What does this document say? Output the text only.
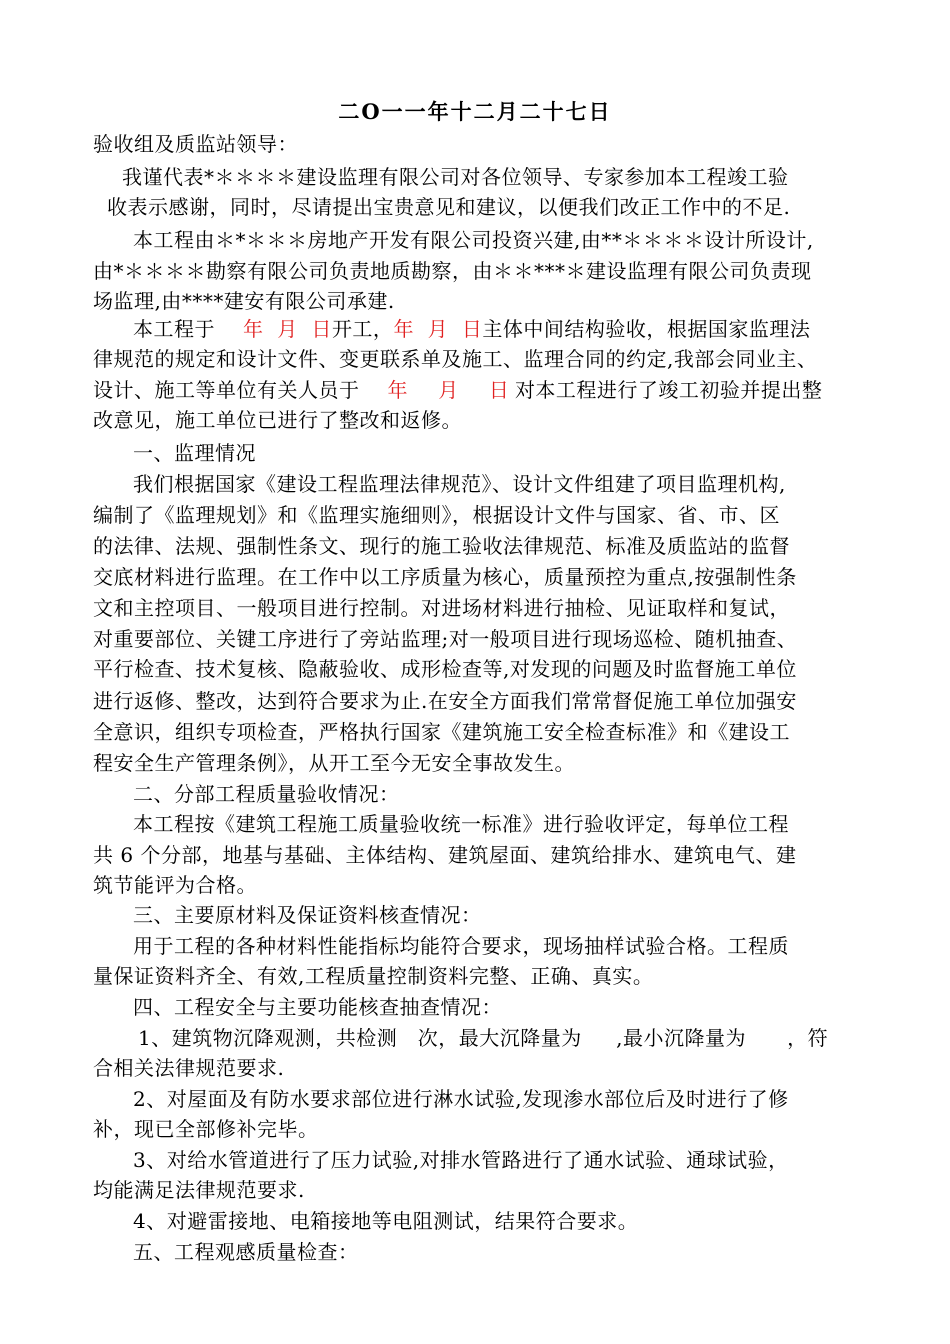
二O一一年十二月二十七日
验收组及质监站领导：
我谨代表*＊＊＊＊建设监理有限公司对各位领导、专家参加本工程竣工验
收表示感谢，同时，尽请提出宝贵意见和建议，以便我们改正工作中的不足.
本工程由＊*＊＊＊房地产开发有限公司投资兴建,由**＊＊＊＊设计所设计,
由*＊＊＊＊勘察有限公司负责地质勘察，由＊＊***＊建设监理有限公司负责现
场监理,由****建安有限公司承建.
本工程于 年  月  日开工，年  月  日主体中间结构验收，根据国家监理法
律规范的规定和设计文件、变更联系单及施工、监理合同的约定,我部会同业主、
设计、施工等单位有关人员于 年  月  日对本工程进行了竣工初验并提出整
改意见，施工单位已进行了整改和返修。
一、监理情况
我们根据国家《建设工程监理法律规范》、设计文件组建了项目监理机构,
编制了《监理规划》和《监理实施细则》，根据设计文件与国家、省、市、区
的法律、法规、强制性条文、现行的施工验收法律规范、标准及质监站的监督
交底材料进行监理。在工作中以工序质量为核心，质量预控为重点,按强制性条
文和主控项目、一般项目进行控制。对进场材料进行抽检、见证取样和复试，
对重要部位、关键工序进行了旁站监理;对一般项目进行现场巡检、随机抽查、
平行检查、技术复核、隐蔽验收、成形检查等,对发现的问题及时监督施工单位
进行返修、整改，达到符合要求为止.在安全方面我们常常督促施工单位加强安
全意识，组织专项检查，严格执行国家《建筑施工安全检查标准》和《建设工
程安全生产管理条例》，从开工至今无安全事故发生。
二、分部工程质量验收情况：
本工程按《建筑工程施工质量验收统一标准》进行验收评定，每单位工程
共 6 个分部，地基与基础、主体结构、建筑屋面、建筑给排水、建筑电气、建
筑节能评为合格。
三、主要原材料及保证资料核查情况：
用于工程的各种材料性能指标均能符合要求，现场抽样试验合格。工程质
量保证资料齐全、有效,工程质量控制资料完整、正确、真实。
四、工程安全与主要功能核查抽查情况：
1、建筑物沉降观测，共检测   次，最大沉降量为     ,最小沉降量为      ，符
合相关法律规范要求.
2、对屋面及有防水要求部位进行淋水试验,发现渗水部位后及时进行了修
补，现已全部修补完毕。
3、对给水管道进行了压力试验,对排水管路进行了通水试验、通球试验，
均能满足法律规范要求.
4、对避雷接地、电箱接地等电阻测试，结果符合要求。
五、工程观感质量检查：
